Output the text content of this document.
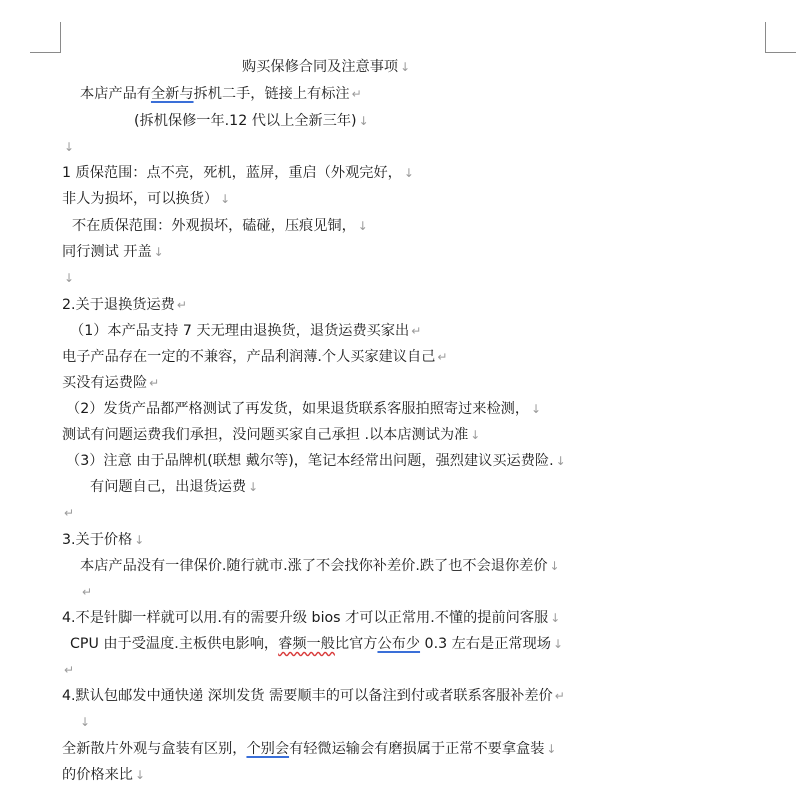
购买保修合同及注意事项 ↓
本店产品有全新与拆机二手，链接上有标注 ↵
(拆机保修一年.12 代以上全新三年) ↓
↓
1 质保范围：点不亮，死机，蓝屏，重启（外观完好， ↓
非人为损坏，可以换货） ↓
不在质保范围：外观损坏，磕碰，压痕见铜， ↓
同行测试 开盖 ↓
↓
2.关于退换货运费 ↵
（1）本产品支持 7 天无理由退换货，退货运费买家出 ↵
电子产品存在一定的不兼容，产品利润薄.个人买家建议自己 ↵
买没有运费险 ↵
（2）发货产品都严格测试了再发货，如果退货联系客服拍照寄过来检测， ↓
测试有问题运费我们承担，没问题买家自己承担 .以本店测试为准 ↓
（3）注意 由于品牌机(联想 戴尔等)，笔记本经常出问题，强烈建议买运费险. ↓
有问题自己，出退货运费 ↓
↵
3.关于价格 ↓
本店产品没有一律保价.随行就市.涨了不会找你补差价.跌了也不会退你差价 ↓
↵
4.不是针脚一样就可以用.有的需要升级 bios 才可以正常用.不懂的提前问客服 ↓
CPU 由于受温度.主板供电影响，睿频一般比官方公布少 0.3 左右是正常现场 ↓
↵
4.默认包邮发中通快递 深圳发货 需要顺丰的可以备注到付或者联系客服补差价 ↵
↓
全新散片外观与盒装有区别，个别会有轻微运输会有磨损属于正常不要拿盒装 ↓
的价格来比 ↓
